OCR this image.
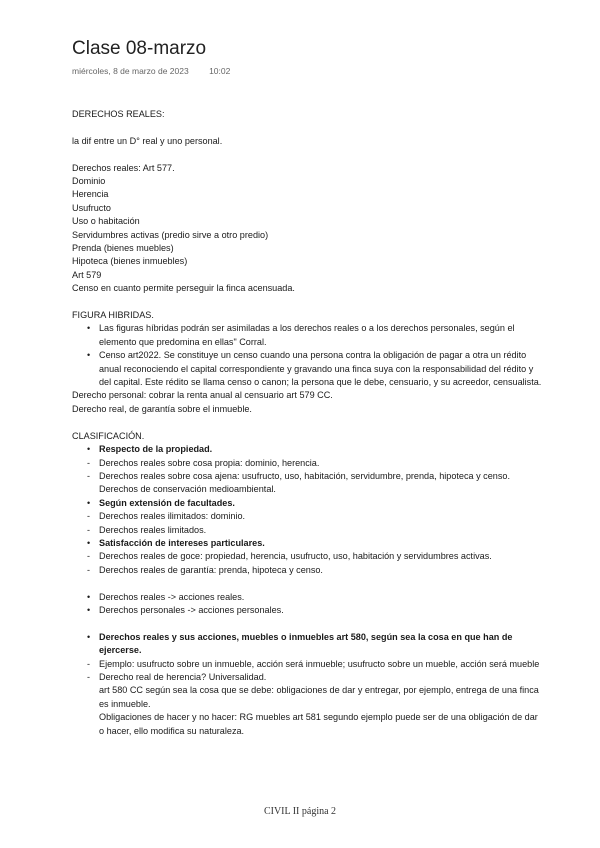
Clase 08-marzo
miércoles, 8 de marzo de 2023 10:02

DERECHOS REALES:

la dif entre un D° real y uno personal.

Derechos reales: Art 577.

Dominio

Herencia

Usufructo

Uso o habitación

Servidumbres activas (predio sirve a otro predio)

Prenda (bienes muebles)

Hipoteca (bienes inmuebles)

Art 579

Censo en cuanto permite perseguir la finca acensuada.

FIGURA HIBRIDAS.

• Las figuras híbridas podrán ser asimiladas a los derechos reales o a los derechos personales, según el elemento que predomina en ellas" Corral.
• Censo art2022. Se constituye un censo cuando una persona contra la obligación de pagar a otra un rédito anual reconociendo el capital correspondiente y gravando una finca suya con la responsabilidad del rédito y del capital. Este rédito se llama censo o canon; la persona que le debe, censuario, y su acreedor, censualista.

Derecho personal: cobrar la renta anual al censuario art 579 CC.

Derecho real, de garantía sobre el inmueble.

CLASIFICACIÓN.

• Respecto de la propiedad.
- Derechos reales sobre cosa propia: dominio, herencia.
- Derechos reales sobre cosa ajena: usufructo, uso, habitación, servidumbre, prenda, hipoteca y censo. Derechos de conservación medioambiental.
• Según extensión de facultades.
- Derechos reales ilimitados: dominio.
- Derechos reales limitados.
• Satisfacción de intereses particulares.
- Derechos reales de goce: propiedad, herencia, usufructo, uso, habitación y servidumbres activas.
- Derechos reales de garantía: prenda, hipoteca y censo.
• Derechos reales -> acciones reales.
• Derechos personales -> acciones personales.
• Derechos reales y sus acciones, muebles o inmuebles art 580, según sea la cosa en que han de ejercerse.
- Ejemplo: usufructo sobre un inmueble, acción será inmueble; usufructo sobre un mueble, acción será mueble
- Derecho real de herencia? Universalidad.
art 580 CC según sea la cosa que se debe: obligaciones de dar y entregar, por ejemplo, entrega de una finca es inmueble.
Obligaciones de hacer y no hacer: RG muebles art 581 segundo ejemplo puede ser de una obligación de dar o hacer, ello modifica su naturaleza.
CIVIL II página 2
